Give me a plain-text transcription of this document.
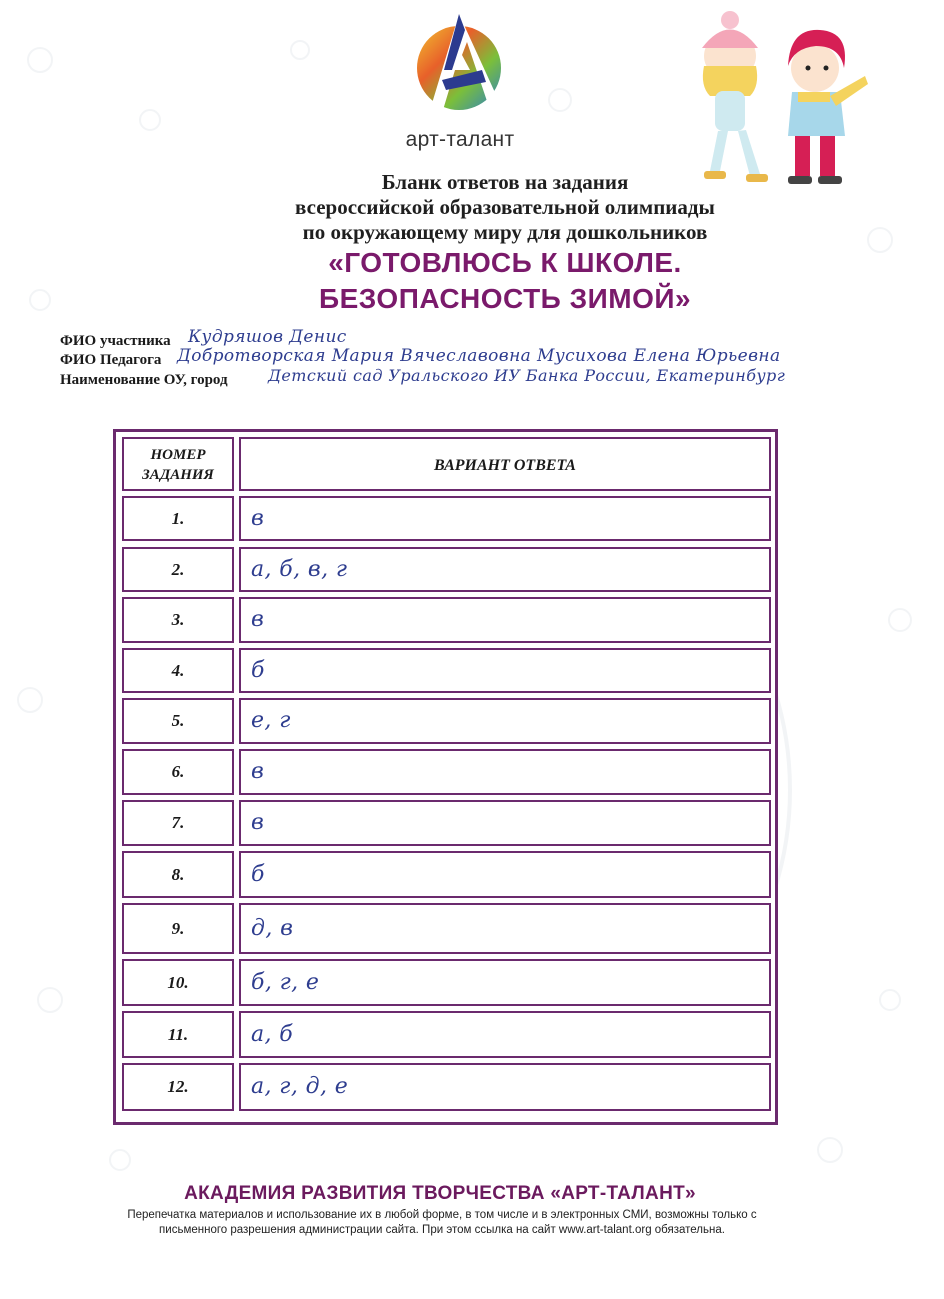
арт-талант
Бланк ответов на задания
всероссийской образовательной олимпиады
по окружающему миру для дошкольников
«ГОТОВЛЮСЬ К ШКОЛЕ.
БЕЗОПАСНОСТЬ ЗИМОЙ»
ФИО участника Кудряшов Денис
ФИО Педагога Добротворская Мария Вячеславовна Мусихова Елена Юрьевна
Наименование ОУ, город	Детский сад Уральского ИУ Банка России, Екатеринбург
НОМЕР ЗАДАНИЯ
ВАРИАНТ ОТВЕТА
1.	в
2.	а, б, в, г
3.	в
4.	б
5.	е, г
6.	в
7.	в
8.	б
9.	д, в
10.	б, г, е
11.	а, б
12.	а, г, д, е
АКАДЕМИЯ РАЗВИТИЯ ТВОРЧЕСТВА «АРТ-ТАЛАНТ»
Перепечатка материалов и использование их в любой форме, в том числе и в электронных СМИ, возможны только с
письменного разрешения администрации сайта. При этом ссылка на сайт www.art-talant.org обязательна.
